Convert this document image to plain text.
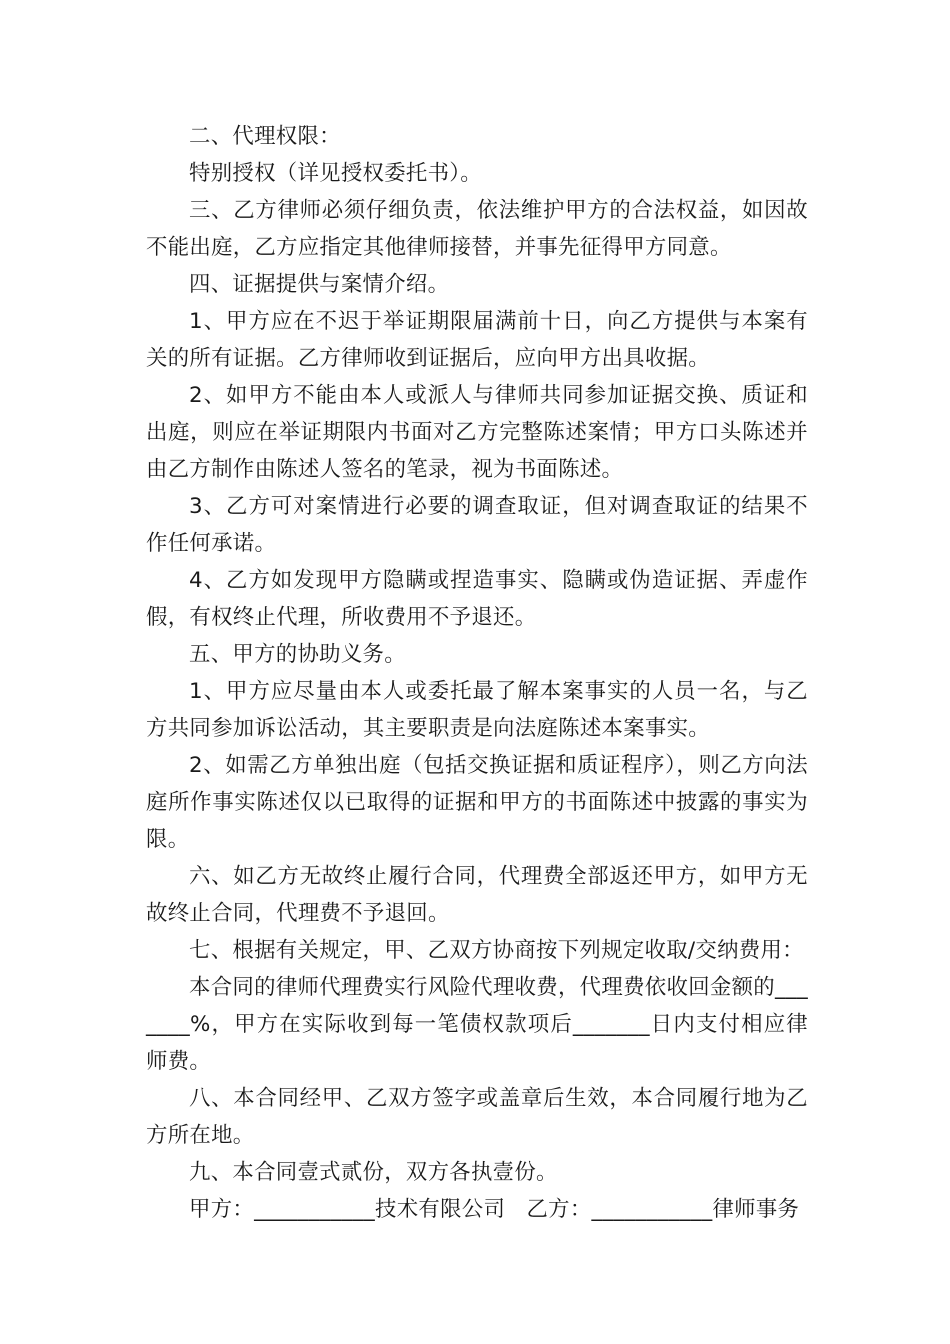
二、代理权限：

特别授权（详见授权委托书）。

三、乙方律师必须仔细负责，依法维护甲方的合法权益，如因故不能出庭，乙方应指定其他律师接替，并事先征得甲方同意。

四、证据提供与案情介绍。

1、甲方应在不迟于举证期限届满前十日，向乙方提供与本案有关的所有证据。乙方律师收到证据后，应向甲方出具收据。

2、如甲方不能由本人或派人与律师共同参加证据交换、质证和出庭，则应在举证期限内书面对乙方完整陈述案情；甲方口头陈述并由乙方制作由陈述人签名的笔录，视为书面陈述。

3、乙方可对案情进行必要的调查取证，但对调查取证的结果不作任何承诺。

4、乙方如发现甲方隐瞒或捏造事实、隐瞒或伪造证据、弄虚作假，有权终止代理，所收费用不予退还。

五、甲方的协助义务。

1、甲方应尽量由本人或委托最了解本案事实的人员一名，与乙方共同参加诉讼活动，其主要职责是向法庭陈述本案事实。

2、如需乙方单独出庭（包括交换证据和质证程序），则乙方向法庭所作事实陈述仅以已取得的证据和甲方的书面陈述中披露的事实为限。

六、如乙方无故终止履行合同，代理费全部返还甲方，如甲方无故终止合同，代理费不予退回。

七、根据有关规定，甲、乙双方协商按下列规定收取/交纳费用：

本合同的律师代理费实行风险代理收费，代理费依收回金额的_______%，甲方在实际收到每一笔债权款项后_______日内支付相应律师费。

八、本合同经甲、乙双方签字或盖章后生效，本合同履行地为乙方所在地。

九、本合同壹式贰份，双方各执壹份。

甲方：___________技术有限公司   乙方：___________律师事务
